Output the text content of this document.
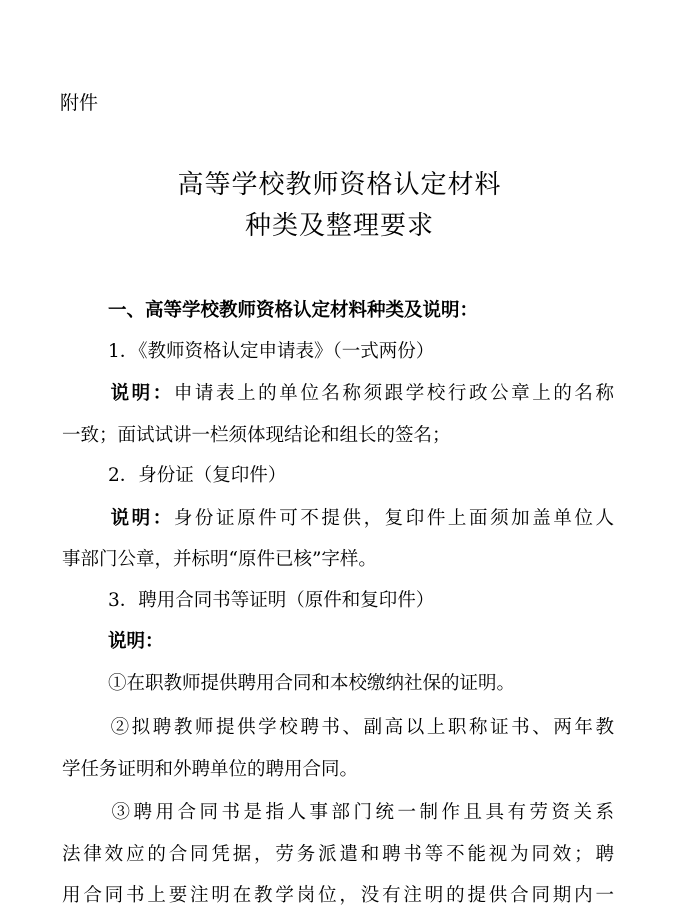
附件
高等学校教师资格认定材料
种类及整理要求
一、高等学校教师资格认定材料种类及说明：
1．《教师资格认定申请表》（一式两份）
说明：申请表上的单位名称须跟学校行政公章上的名称
一致；面试试讲一栏须体现结论和组长的签名；
2．身份证（复印件）
说明：身份证原件可不提供，复印件上面须加盖单位人
事部门公章，并标明“原件已核”字样。
3．聘用合同书等证明（原件和复印件）
说明：
①在职教师提供聘用合同和本校缴纳社保的证明。
②拟聘教师提供学校聘书、副高以上职称证书、两年教
学任务证明和外聘单位的聘用合同。
③聘用合同书是指人事部门统一制作且具有劳资关系
法律效应的合同凭据，劳务派遣和聘书等不能视为同效；聘
用合同书上要注明在教学岗位，没有注明的提供合同期内一
